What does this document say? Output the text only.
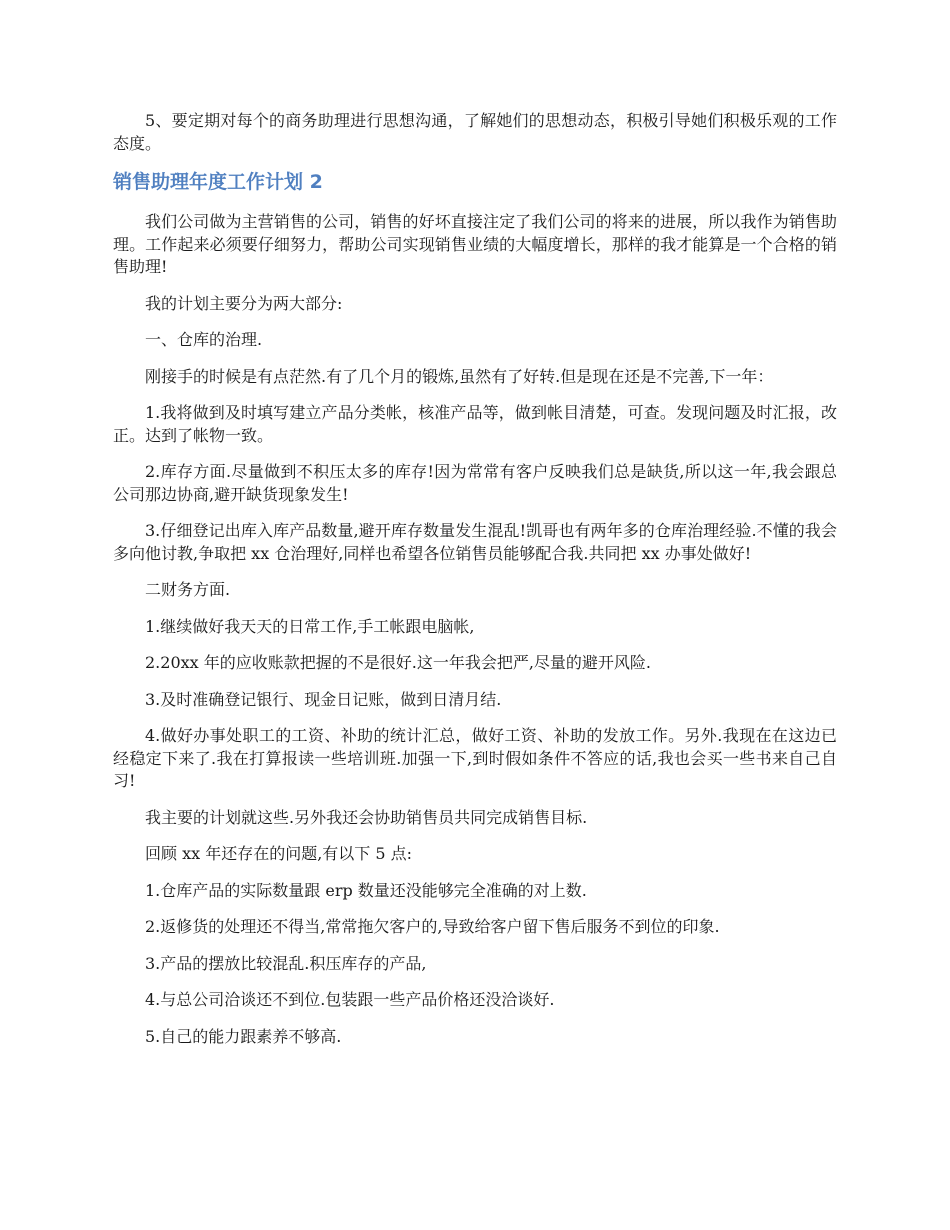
5、要定期对每个的商务助理进行思想沟通，了解她们的思想动态，积极引导她们积极乐观的工作态度。

销售助理年度工作计划 2

我们公司做为主营销售的公司，销售的好坏直接注定了我们公司的将来的进展，所以我作为销售助理。工作起来必须要仔细努力，帮助公司实现销售业绩的大幅度增长，那样的我才能算是一个合格的销售助理!

我的计划主要分为两大部分:

一、仓库的治理.

刚接手的时候是有点茫然.有了几个月的锻炼,虽然有了好转.但是现在还是不完善,下一年：

1.我将做到及时填写建立产品分类帐，核准产品等，做到帐目清楚，可查。发现问题及时汇报，改正。达到了帐物一致。

2.库存方面.尽量做到不积压太多的库存!因为常常有客户反映我们总是缺货,所以这一年,我会跟总公司那边协商,避开缺货现象发生!

3.仔细登记出库入库产品数量,避开库存数量发生混乱!凯哥也有两年多的仓库治理经验.不懂的我会多向他讨教,争取把 xx 仓治理好,同样也希望各位销售员能够配合我.共同把 xx 办事处做好!

二财务方面.

1.继续做好我天天的日常工作,手工帐跟电脑帐,

2.20xx 年的应收账款把握的不是很好.这一年我会把严,尽量的避开风险.

3.及时准确登记银行、现金日记账，做到日清月结.

4.做好办事处职工的工资、补助的统计汇总，做好工资、补助的发放工作。另外.我现在在这边已经稳定下来了.我在打算报读一些培训班.加强一下,到时假如条件不答应的话,我也会买一些书来自己自习!

我主要的计划就这些.另外我还会协助销售员共同完成销售目标.

回顾 xx 年还存在的问题,有以下 5 点:

1.仓库产品的实际数量跟 erp 数量还没能够完全准确的对上数.

2.返修货的处理还不得当,常常拖欠客户的,导致给客户留下售后服务不到位的印象.

3.产品的摆放比较混乱.积压库存的产品,

4.与总公司洽谈还不到位.包装跟一些产品价格还没洽谈好.

5.自己的能力跟素养不够高.
